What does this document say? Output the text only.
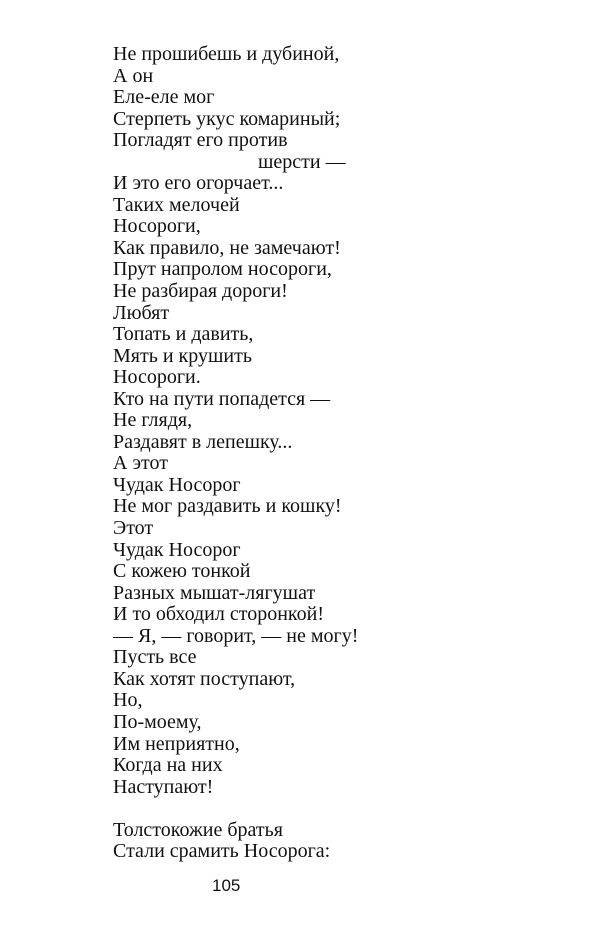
Не прошибешь и дубиной,
А он
Еле-еле мог
Стерпеть укус комариный;
Погладят его против
шерсти —
И это его огорчает...
Таких мелочей
Носороги,
Как правило, не замечают!
Прут напролом носороги,
Не разбирая дороги!
Любят
Топать и давить,
Мять и крушить
Носороги.
Кто на пути попадется —
Не глядя,
Раздавят в лепешку...
А этот
Чудак Носорог
Не мог раздавить и кошку!
Этот
Чудак Носорог
С кожею тонкой
Разных мышат-лягушат
И то обходил сторонкой!
— Я, — говорит, — не могу!
Пусть все
Как хотят поступают,
Но,
По-моему,
Им неприятно,
Когда на них
Наступают!
Толстокожие братья
Стали срамить Носорога:
105
